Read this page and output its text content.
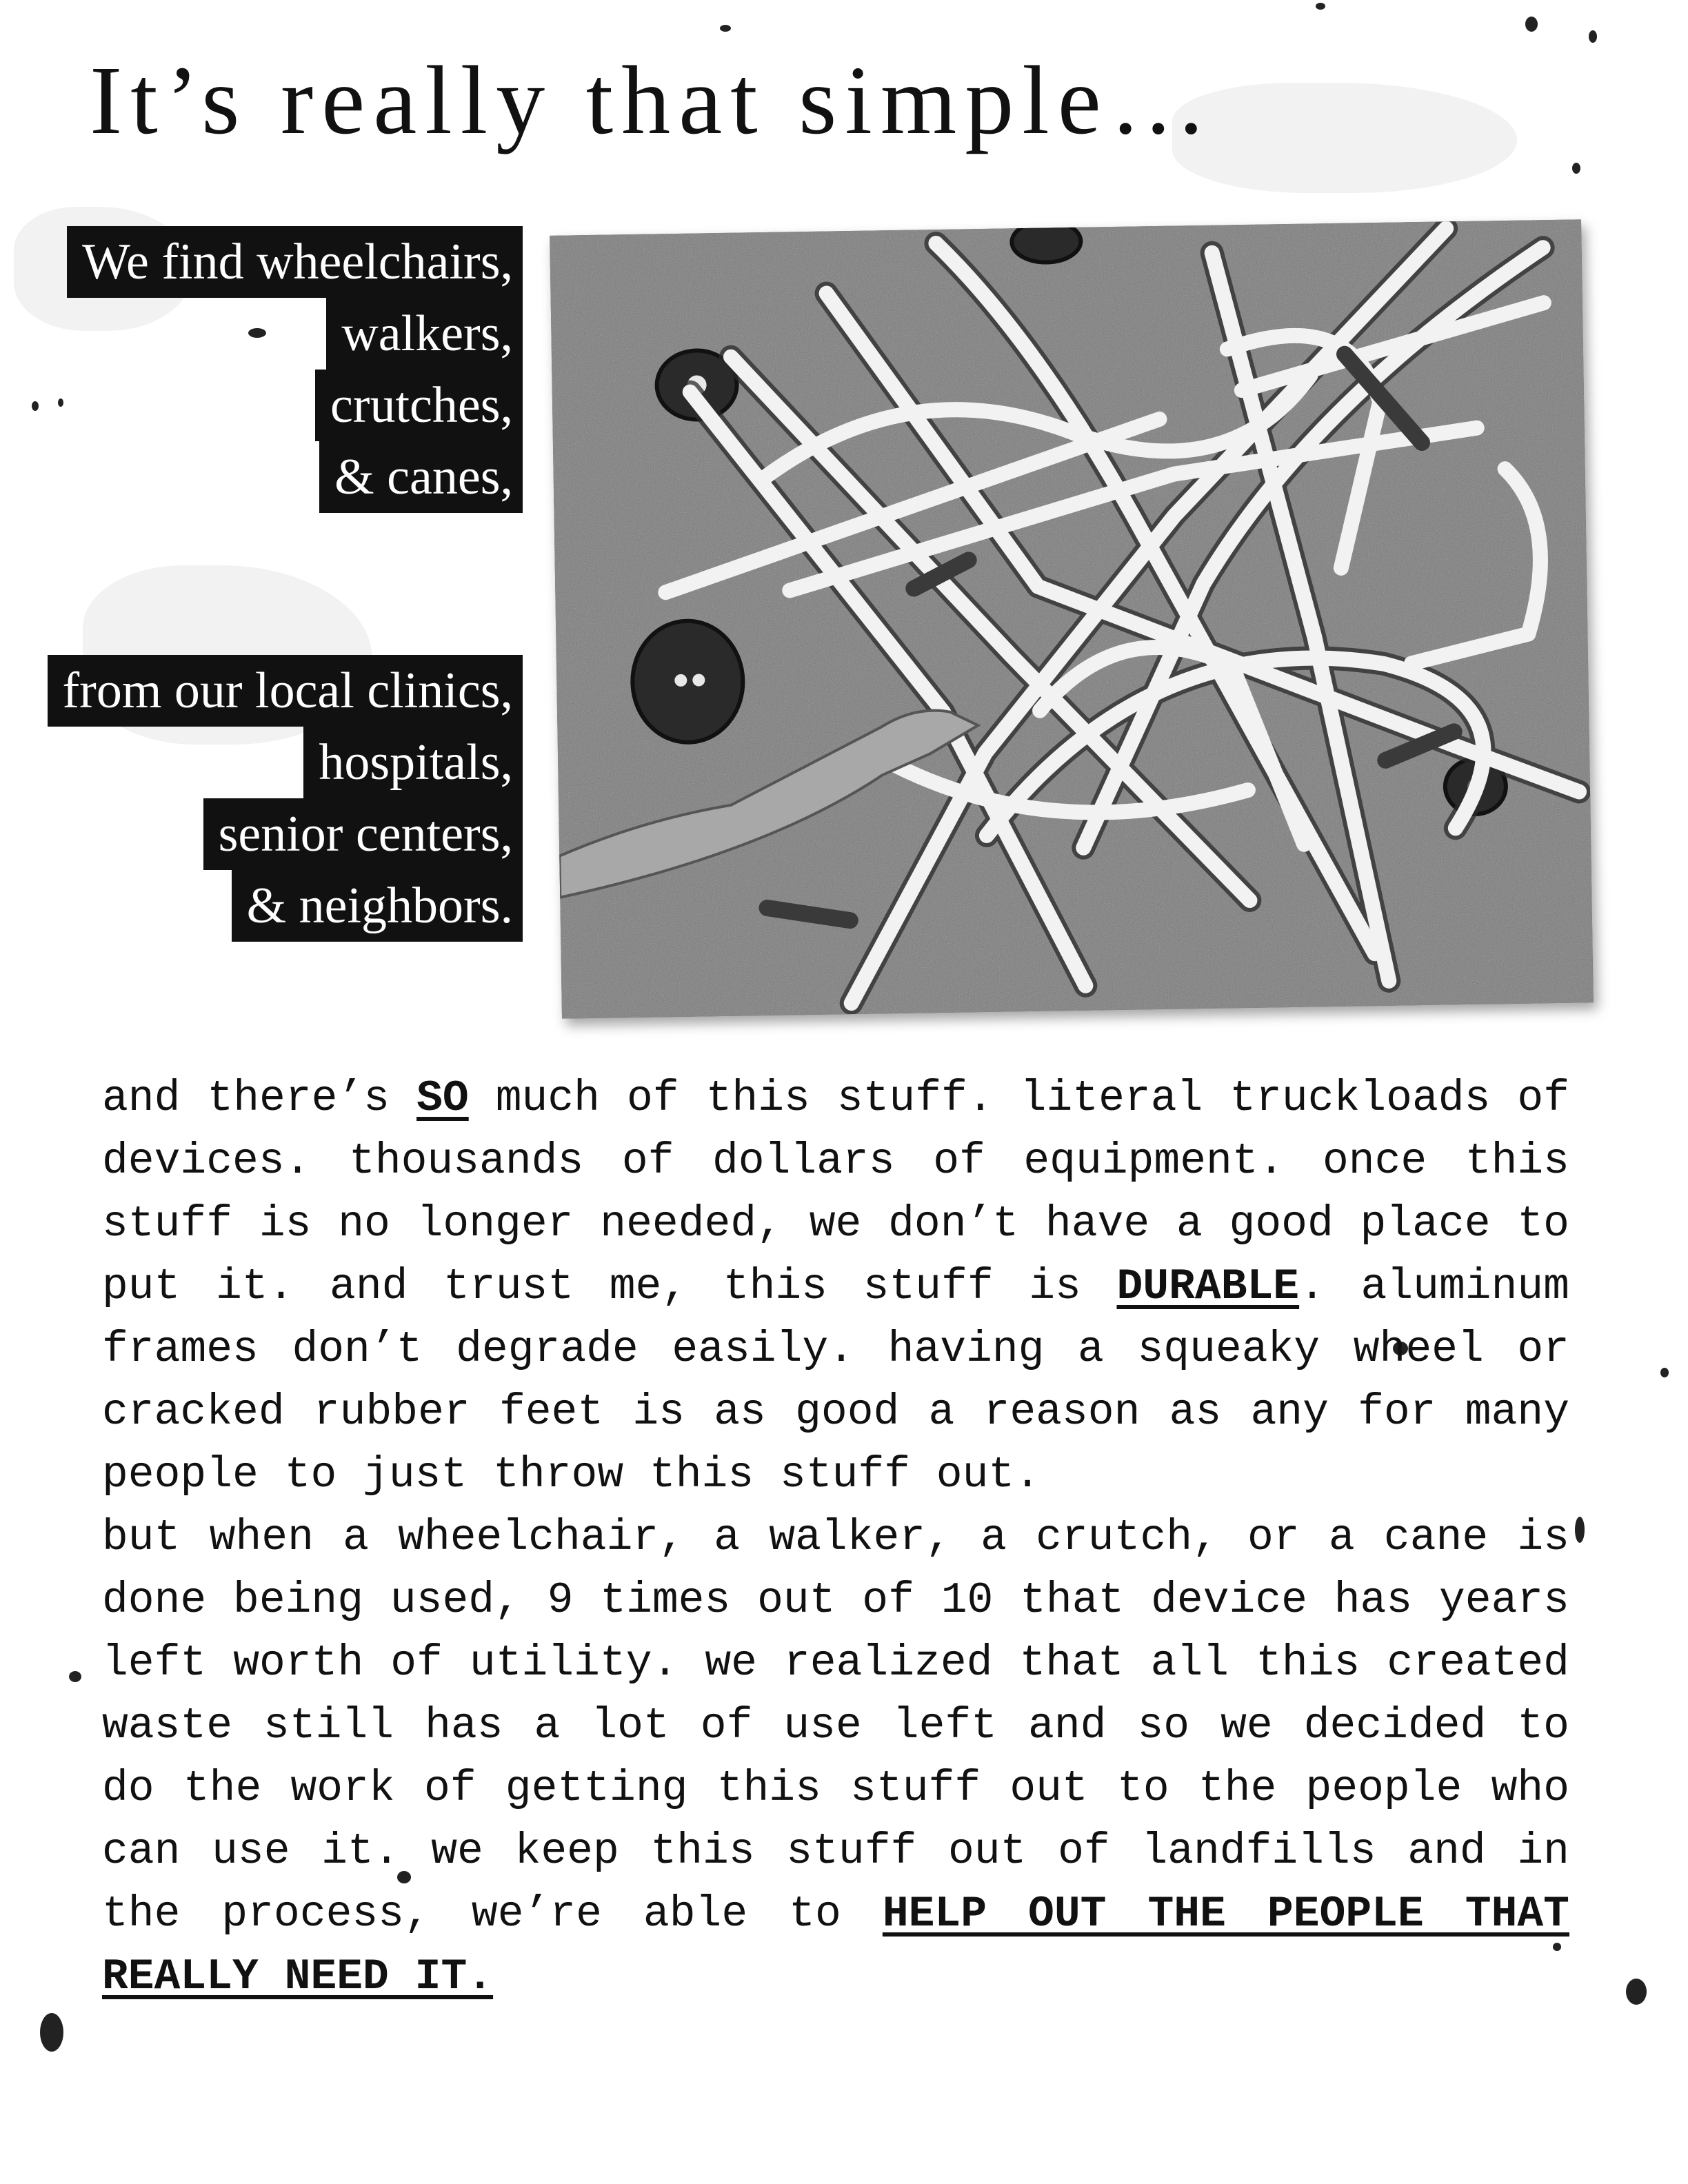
It’s really that simple…
We find wheelchairs,
walkers,
crutches,
& canes,
from our local clinics,
hospitals,
senior centers,
& neighbors.

and there’s SO much of this stuff. literal truckloads of devices. thousands of dollars of equipment. once this stuff is no longer needed, we don’t have a good place to put it. and trust me, this stuff is DURABLE. aluminum frames don’t degrade easily. having a squeaky wheel or cracked rubber feet is as good a reason as any for many people to just throw this stuff out.

but when a wheelchair, a walker, a crutch, or a cane is done being used, 9 times out of 10 that device has years left worth of utility. we realized that all this created waste still has a lot of use left and so we decided to do the work of getting this stuff out to the people who can use it. we keep this stuff out of landfills and in the process, we’re able to HELP OUT THE PEOPLE THAT REALLY NEED IT.
